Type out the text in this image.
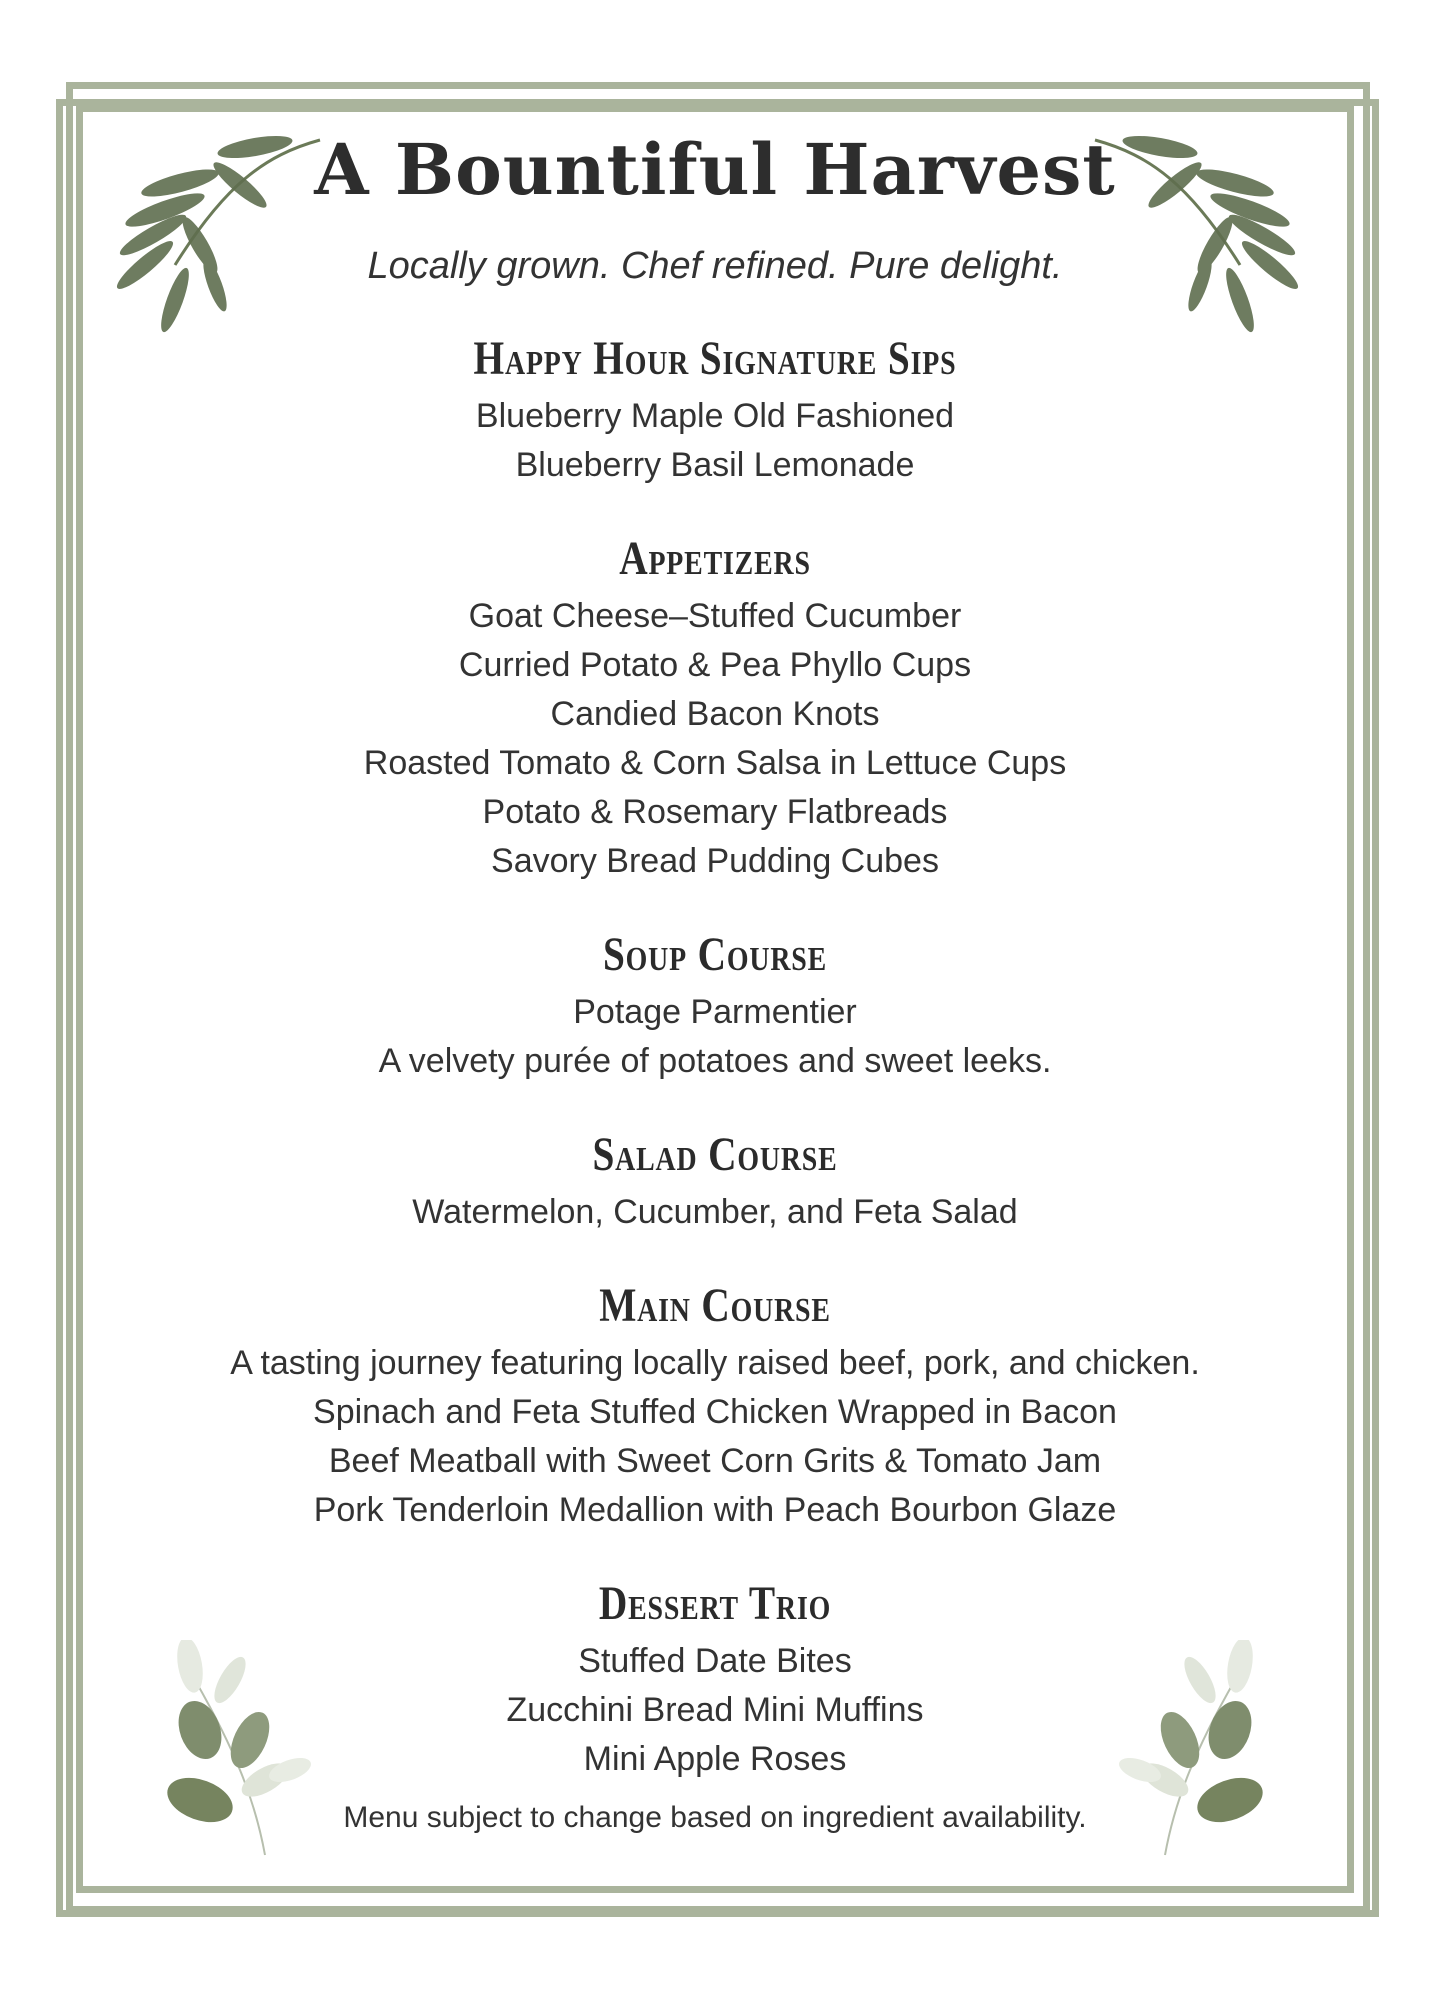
A Bountiful Harvest

Locally grown. Chef refined. Pure delight.

Happy Hour Signature Sips
Blueberry Maple Old Fashioned
Blueberry Basil Lemonade
Appetizers
Goat Cheese–Stuffed Cucumber
Curried Potato & Pea Phyllo Cups
Candied Bacon Knots
Roasted Tomato & Corn Salsa in Lettuce Cups
Potato & Rosemary Flatbreads
Savory Bread Pudding Cubes
Soup Course
Potage Parmentier
A velvety purée of potatoes and sweet leeks.
Salad Course
Watermelon, Cucumber, and Feta Salad
Main Course
A tasting journey featuring locally raised beef, pork, and chicken.
Spinach and Feta Stuffed Chicken Wrapped in Bacon
Beef Meatball with Sweet Corn Grits & Tomato Jam
Pork Tenderloin Medallion with Peach Bourbon Glaze
Dessert Trio
Stuffed Date Bites
Zucchini Bread Mini Muffins
Mini Apple Roses
Menu subject to change based on ingredient availability.
